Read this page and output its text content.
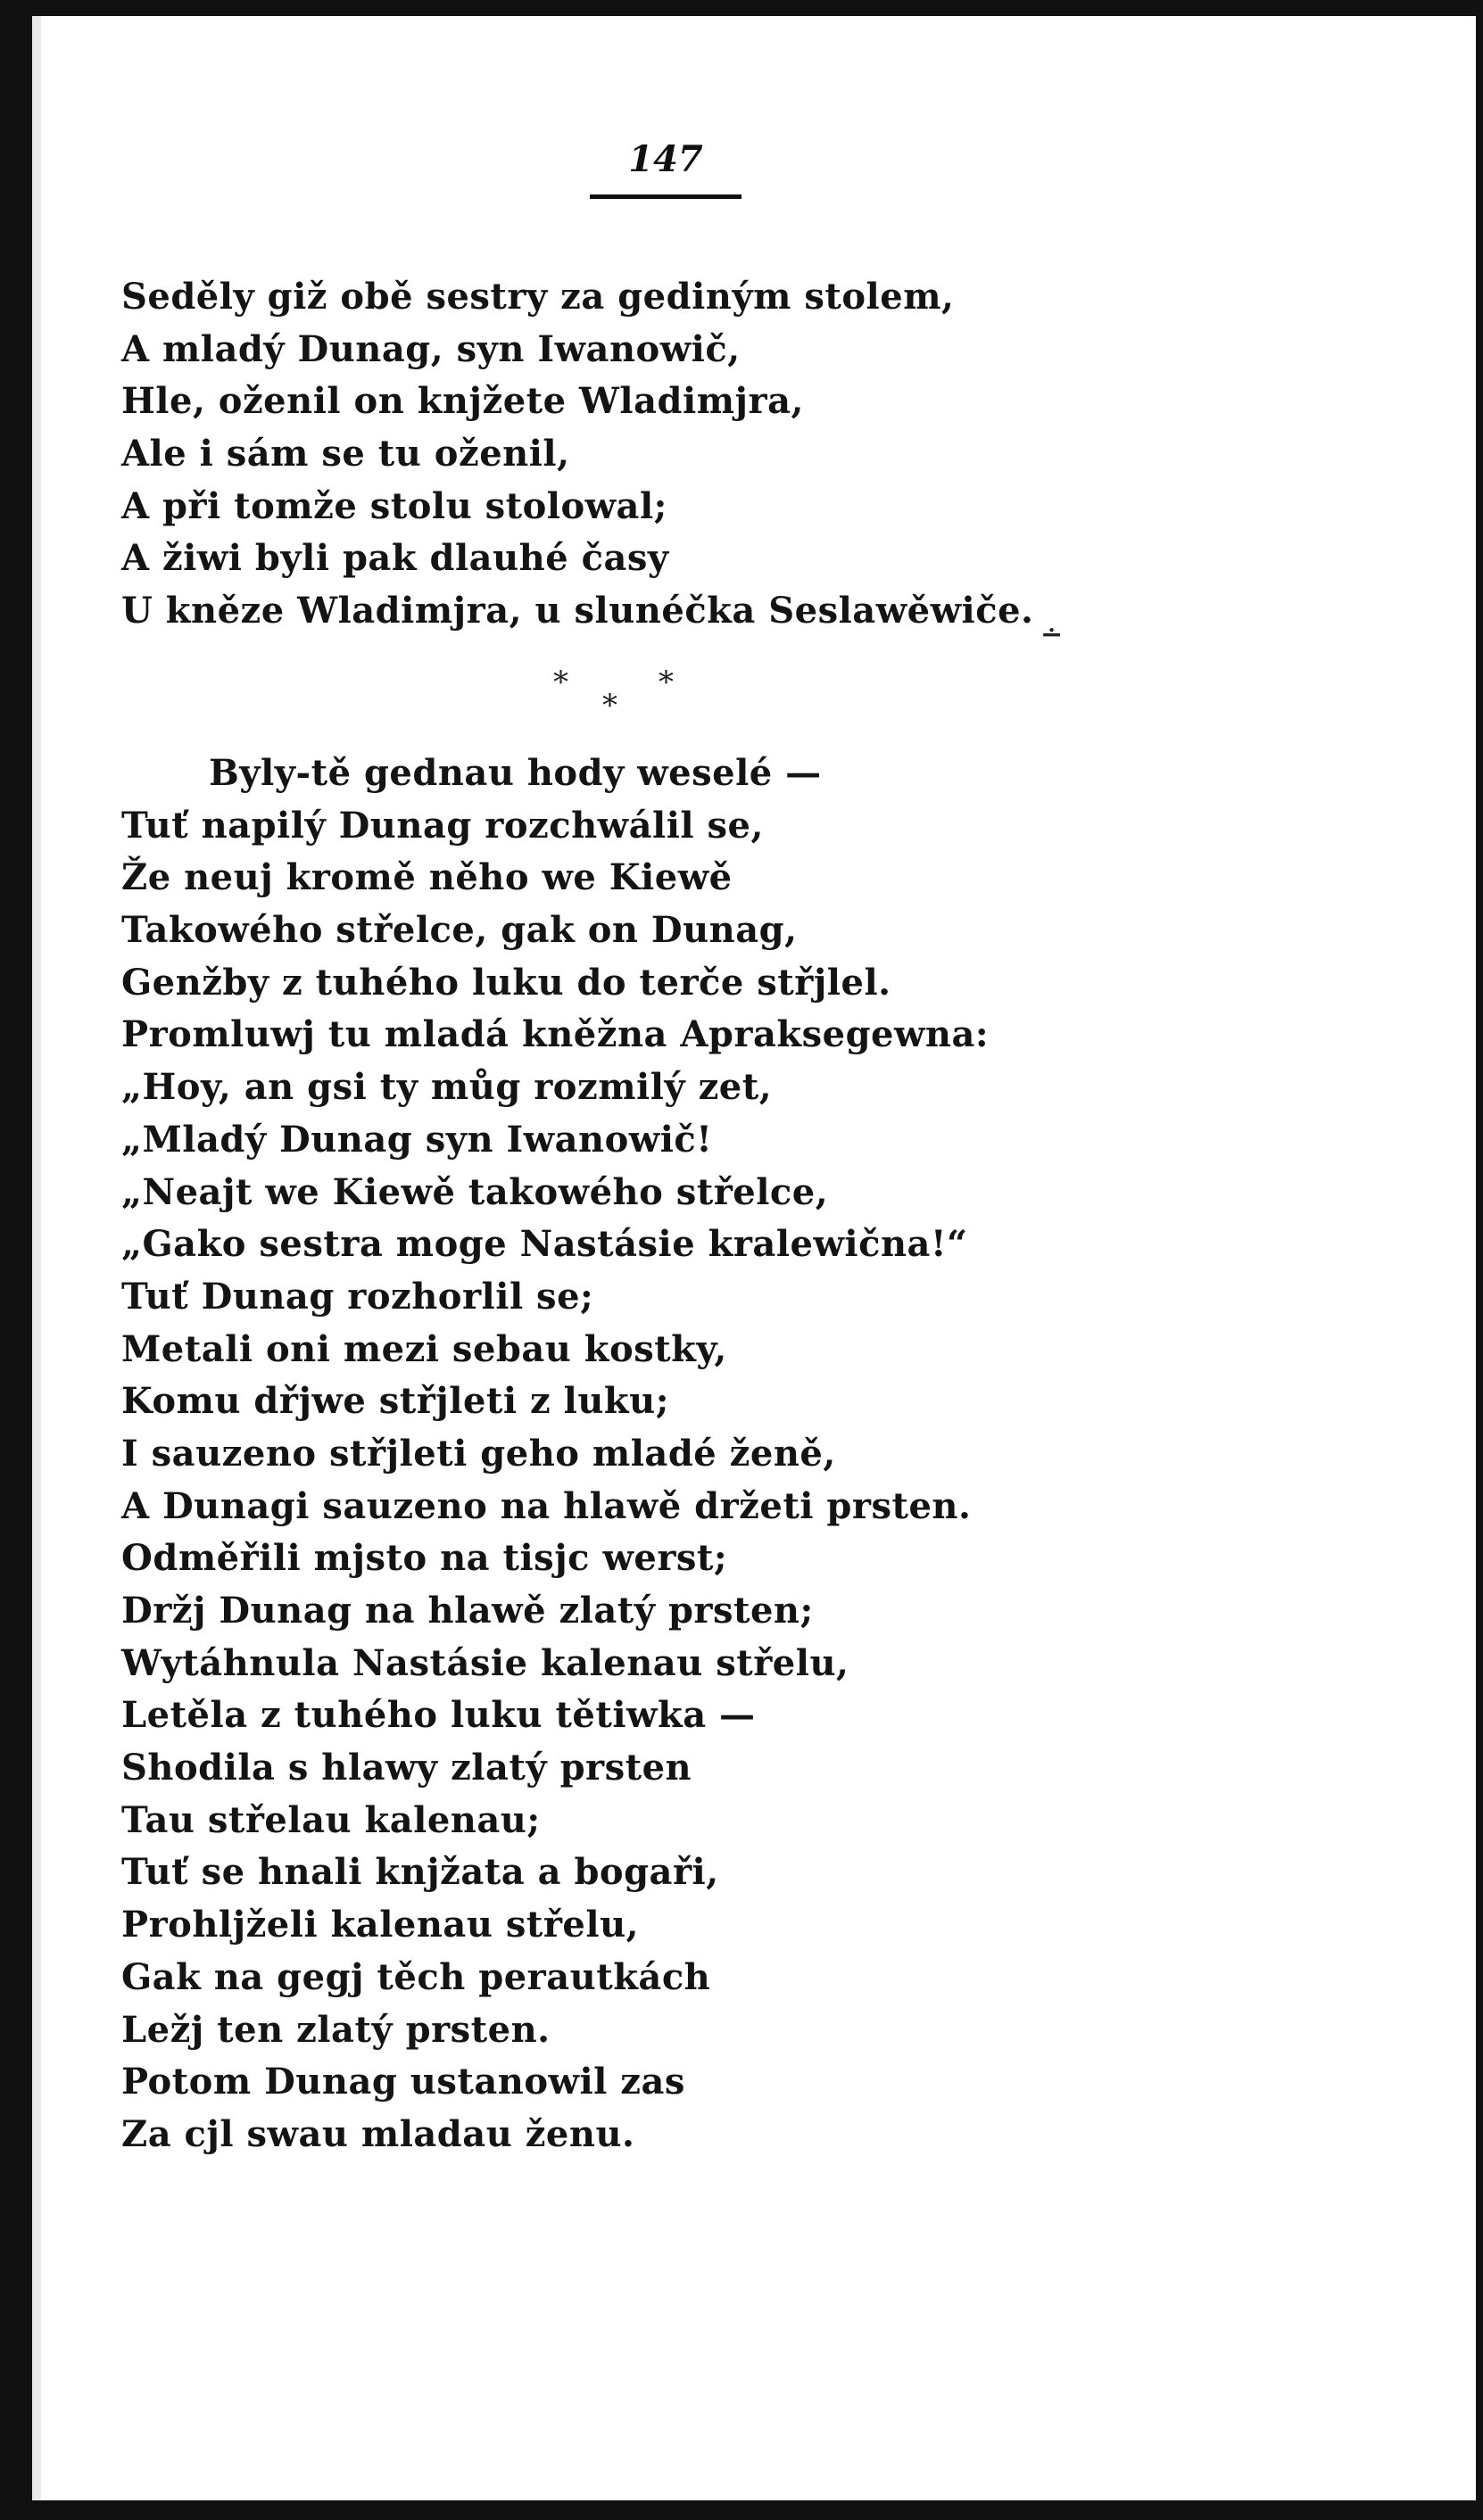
147
Seděly giž obě sestry za gediným stolem,
A mladý Dunag, syn Iwanowič,
Hle, oženil on knjžete Wladimjra,
Ale i sám se tu oženil,
A při tomže stolu stolowal;
A žiwi byli pak dlauhé časy
U kněze Wladimjra, u slunéčka Seslawěwiče.
∸
*
*
*
Byly-tě gednau hody weselé —
Tuť napilý Dunag rozchwálil se,
Že neuj kromě něho we Kiewě
Takowého střelce, gak on Dunag,
Genžby z tuhého luku do terče střjlel.
Promluwj tu mladá kněžna Apraksegewna:
„Hoy, an gsi ty můg rozmilý zet,
„Mladý Dunag syn Iwanowič!
„Neajt we Kiewě takowého střelce,
„Gako sestra moge Nastásie kralewična!“
Tuť Dunag rozhorlil se;
Metali oni mezi sebau kostky,
Komu dřjwe střjleti z luku;
I sauzeno střjleti geho mladé ženě,
A Dunagi sauzeno na hlawě držeti prsten.
Odměřili mjsto na tisjc werst;
Držj Dunag na hlawě zlatý prsten;
Wytáhnula Nastásie kalenau střelu,
Letěla z tuhého luku tětiwka —
Shodila s hlawy zlatý prsten
Tau střelau kalenau;
Tuť se hnali knjžata a bogaři,
Prohljželi kalenau střelu,
Gak na gegj těch perautkách
Ležj ten zlatý prsten.
Potom Dunag ustanowil zas
Za cjl swau mladau ženu.
